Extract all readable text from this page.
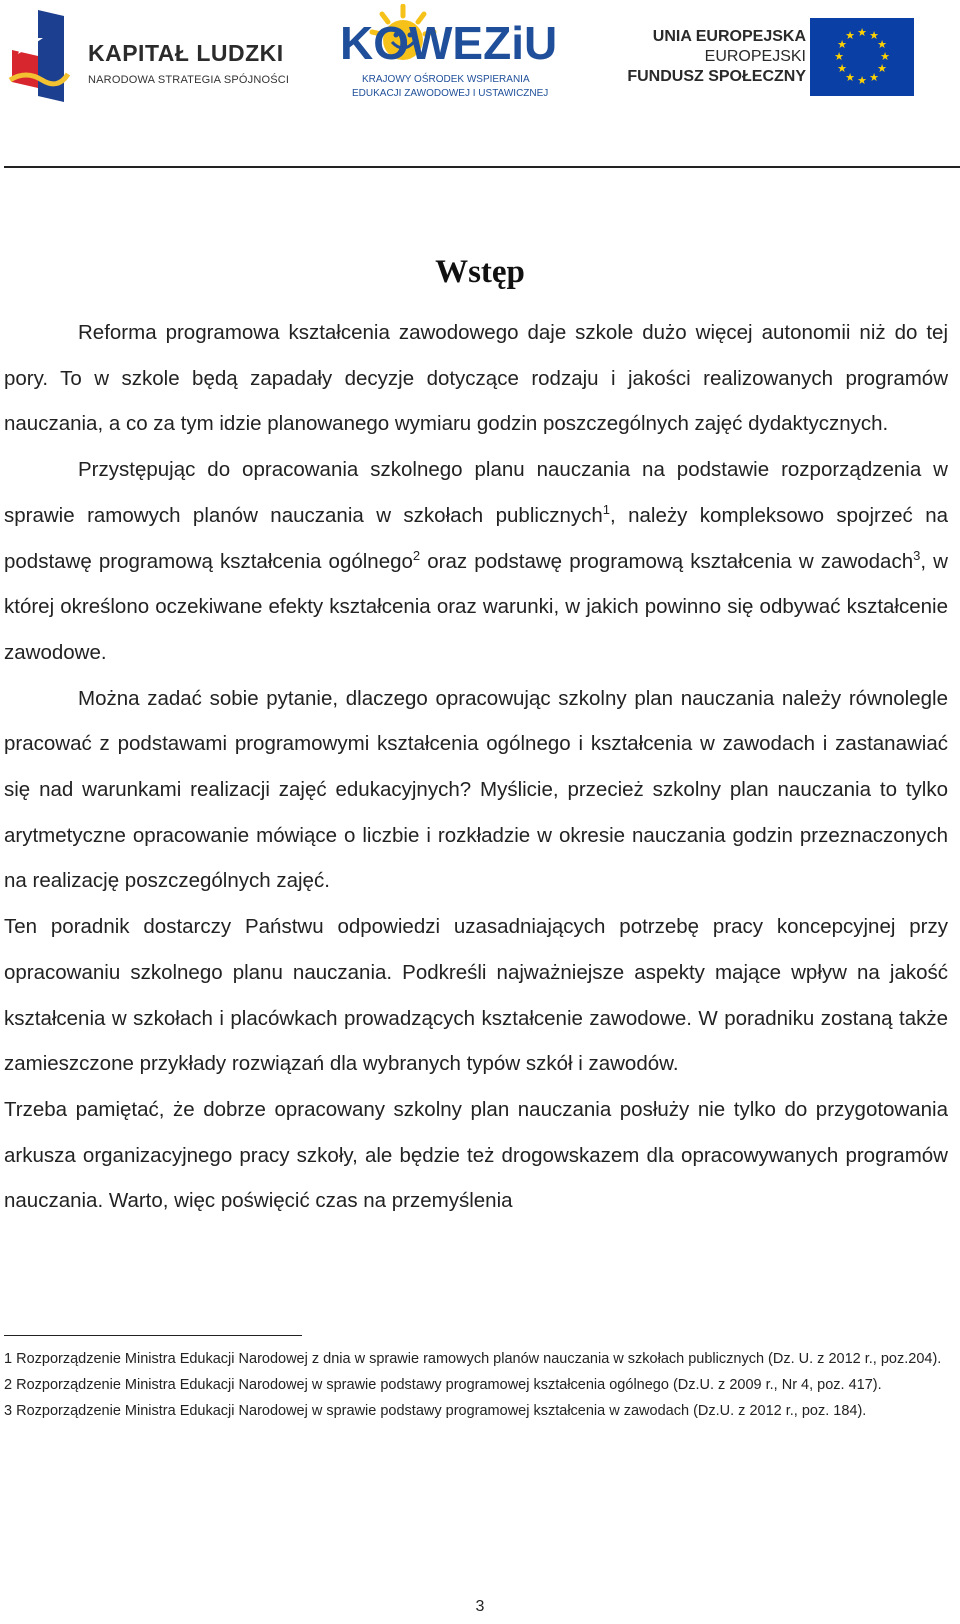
KAPITAŁ LUDZKI
NARODOWA STRATEGIA SPÓJNOŚCI
KOWEZiU
KRAJOWY OŚRODEK WSPIERANIA
EDUKACJI ZAWODOWEJ I USTAWICZNEJ
UNIA EUROPEJSKA
EUROPEJSKI
FUNDUSZ SPOŁECZNY
★ ★
★
★
★
★
★
★
★
★
★
★
Wstęp

Reforma programowa kształcenia zawodowego daje szkole dużo więcej autonomii niż do tej pory. To w szkole będą zapadały decyzje dotyczące rodzaju i jakości realizowanych programów nauczania, a co za tym idzie planowanego wymiaru godzin poszczególnych zajęć dydaktycznych.

Przystępując do opracowania szkolnego planu nauczania na podstawie rozporządzenia w sprawie ramowych planów nauczania w szkołach publicznych$^1$, należy kompleksowo spojrzeć na podstawę programową kształcenia ogólnego$^2$ oraz podstawę programową kształcenia w zawodach$^3$, w której określono oczekiwane efekty kształcenia oraz warunki, w jakich powinno się odbywać kształcenie zawodowe.

Można zadać sobie pytanie, dlaczego opracowując szkolny plan nauczania należy równolegle pracować z podstawami programowymi kształcenia ogólnego i kształcenia w zawodach i zastanawiać się nad warunkami realizacji zajęć edukacyjnych? Myślicie, przecież szkolny plan nauczania to tylko arytmetyczne opracowanie mówiące o liczbie i rozkładzie w okresie nauczania godzin przeznaczonych na realizację poszczególnych zajęć.

Ten poradnik dostarczy Państwu odpowiedzi uzasadniających potrzebę pracy koncepcyjnej przy opracowaniu szkolnego planu nauczania. Podkreśli najważniejsze aspekty mające wpływ na jakość kształcenia w szkołach i placówkach prowadzących kształcenie zawodowe. W poradniku zostaną także zamieszczone przykłady rozwiązań dla wybranych typów szkół i zawodów.

Trzeba pamiętać, że dobrze opracowany szkolny plan nauczania posłuży nie tylko do przygotowania arkusza organizacyjnego pracy szkoły, ale będzie też drogowskazem dla opracowywanych programów nauczania. Warto, więc poświęcić czas na przemyślenia

1 Rozporządzenie Ministra Edukacji Narodowej z dnia w sprawie ramowych planów nauczania w szkołach publicznych (Dz. U. z 2012 r., poz.204).

2 Rozporządzenie Ministra Edukacji Narodowej w sprawie podstawy programowej kształcenia ogólnego (Dz.U. z 2009 r., Nr 4, poz. 417).

3 Rozporządzenie Ministra Edukacji Narodowej w sprawie podstawy programowej kształcenia w zawodach (Dz.U. z 2012 r., poz. 184).

3
